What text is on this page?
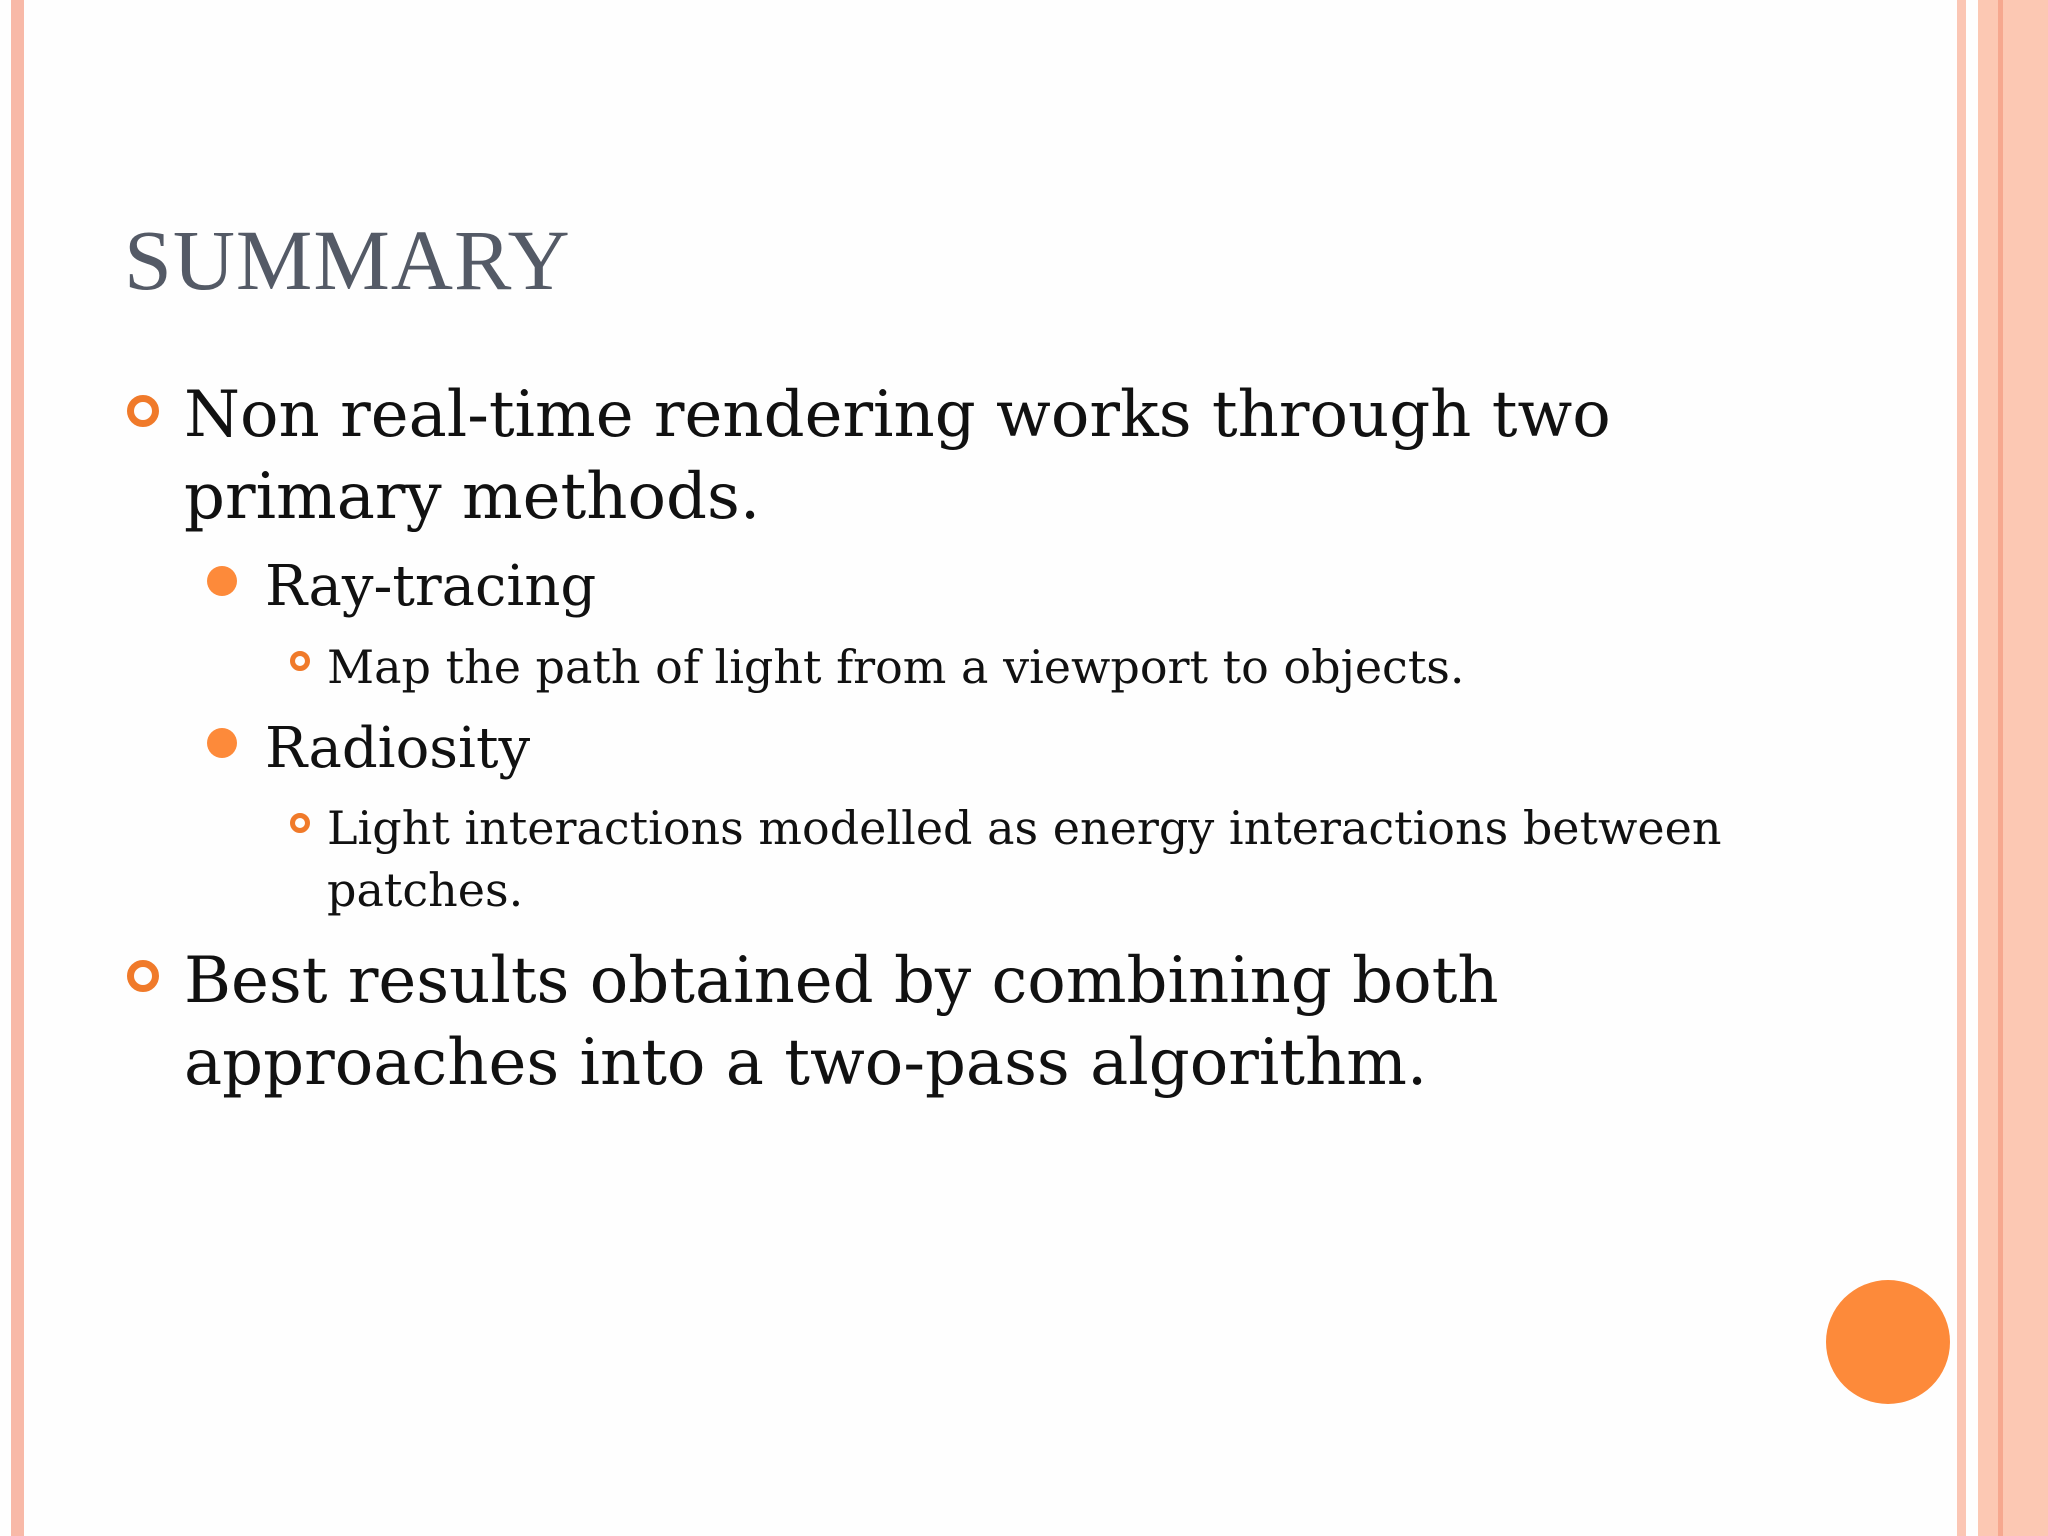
SUMMARY
Non real-time rendering works through two primary methods.
Ray-tracing
Map the path of light from a viewport to objects.
Radiosity
Light interactions modelled as energy interactions between patches.
Best results obtained by combining both approaches into a two-pass algorithm.
